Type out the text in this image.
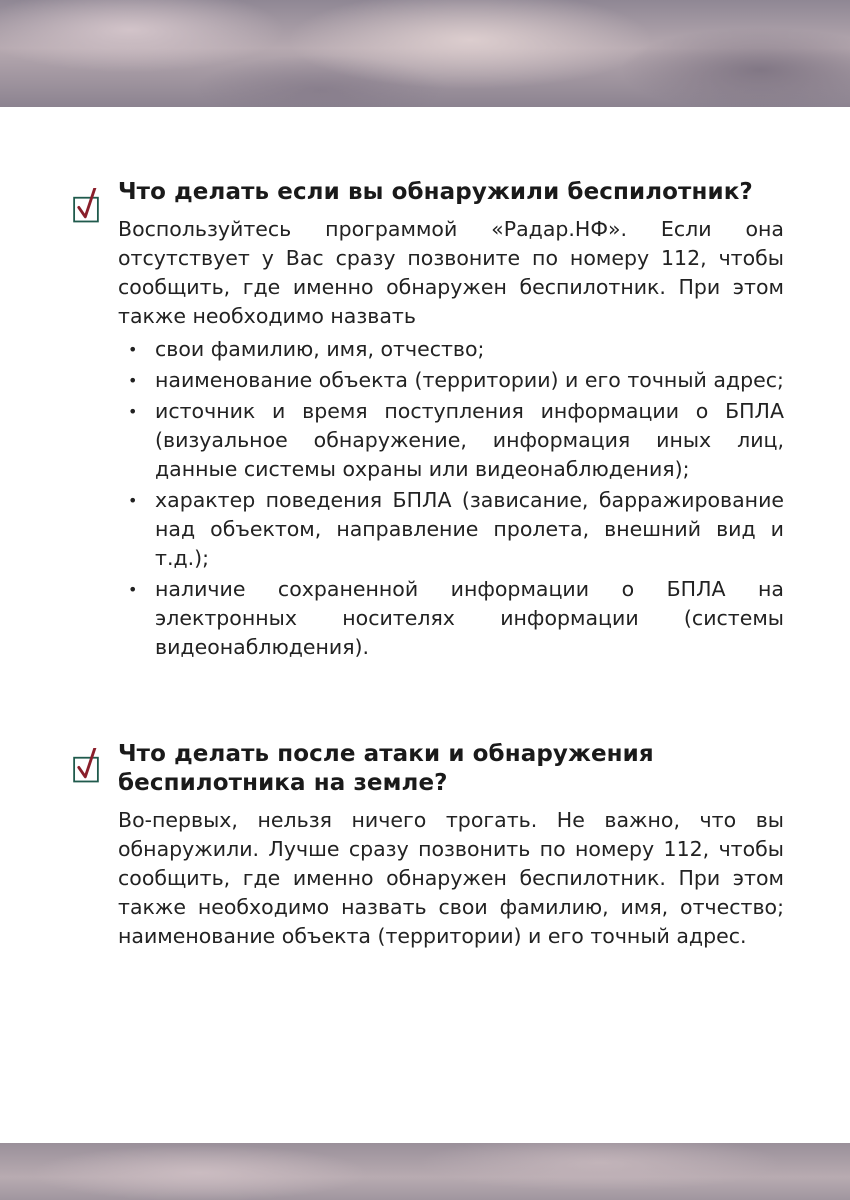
Что делать если вы обнаружили беспилотник?

Воспользуйтесь программой «Радар.НФ». Если она отсутствует у Вас сразу позвоните по номеру 112, чтобы сообщить, где именно обнаружен беспилотник. При этом также необходимо назвать

• свои фамилию, имя, отчество;
• наименование объекта (территории) и его точный адрес;
• источник и время поступления информации о БПЛА (визуальное обнаружение, информация иных лиц, данные системы охраны или видеонаблюдения);
• характер поведения БПЛА (зависание, барражирование над объектом, направление пролета, внешний вид и т.д.);
• наличие сохраненной информации о БПЛА на электронных носителях информации (системы видеонаблюдения).
Что делать после атаки и обнаружения беспилотника на земле?

Во-первых, нельзя ничего трогать. Не важно, что вы обнаружили. Лучше сразу позвонить по номеру 112, чтобы сообщить, где именно обнаружен беспилотник. При этом также необходимо назвать свои фамилию, имя, отчество; наименование объекта (территории) и его точный адрес.
